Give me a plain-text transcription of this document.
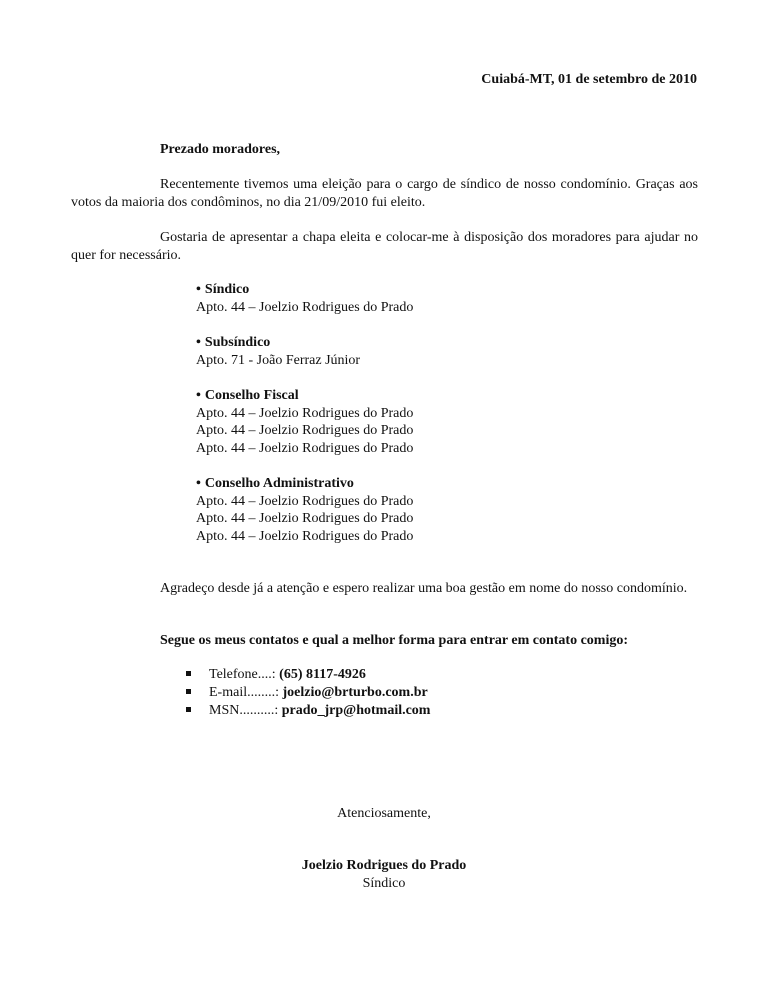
Cuiabá-MT, 01 de setembro de 2010
Prezado moradores,

Recentemente tivemos uma eleição para o cargo de síndico de nosso condomínio. Graças aos votos da maioria dos condôminos, no dia 21/09/2010 fui eleito.

Gostaria de apresentar a chapa eleita e colocar-me à disposição dos moradores para ajudar no quer for necessário.

• Síndico
Apto. 44 – Joelzio Rodrigues do Prado
• Subsíndico
Apto. 71 - João Ferraz Júnior
• Conselho Fiscal
Apto. 44 – Joelzio Rodrigues do Prado
Apto. 44 – Joelzio Rodrigues do Prado
Apto. 44 – Joelzio Rodrigues do Prado
• Conselho Administrativo
Apto. 44 – Joelzio Rodrigues do Prado
Apto. 44 – Joelzio Rodrigues do Prado
Apto. 44 – Joelzio Rodrigues do Prado

Agradeço desde já a atenção e espero realizar uma boa gestão em nome do nosso condomínio.

Segue os meus contatos e qual a melhor forma para entrar em contato comigo:
Telefone....: (65) 8117-4926
E-mail........: joelzio@brturbo.com.br
MSN..........: prado_jrp@hotmail.com
Atenciosamente,
Joelzio Rodrigues do Prado
Síndico
